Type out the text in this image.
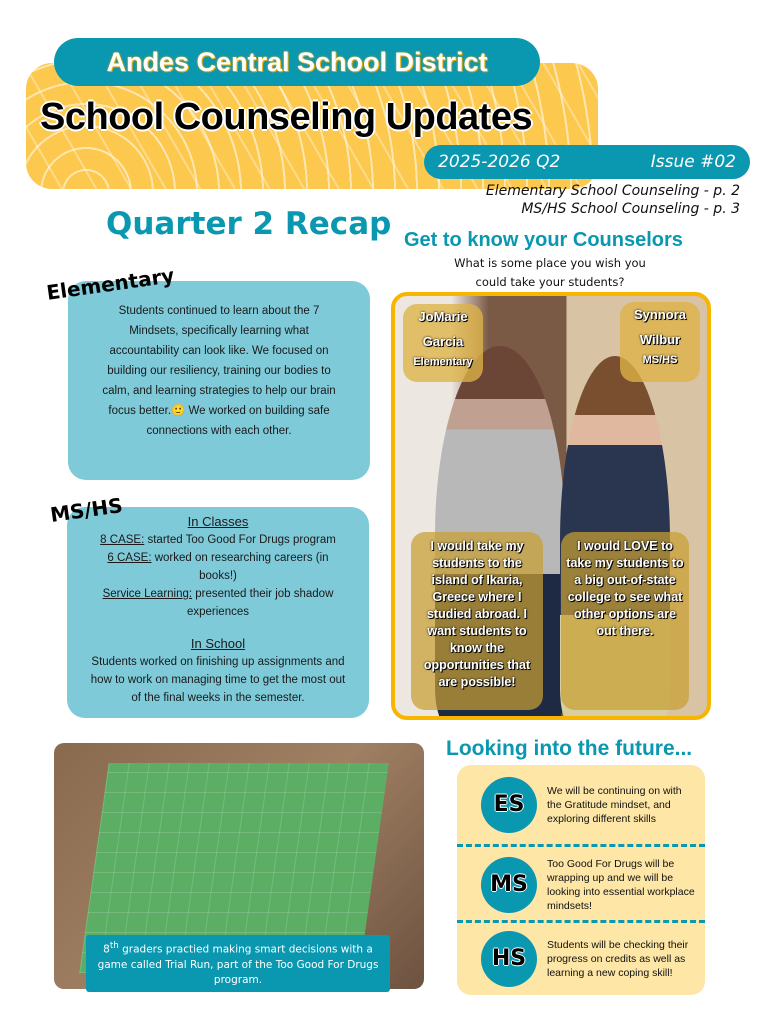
Andes Central School District
School Counseling Updates
2025-2026 Q2	Issue #02
Elementary School Counseling - p. 2
MS/HS School Counseling - p. 3
Quarter 2 Recap

Students continued to learn about the 7 Mindsets, specifically learning what accountability can look like. We focused on building our resiliency, training our bodies to calm, and learning strategies to help our brain focus better.🙂 We worked on building safe connections with each other.

Elementary
In Classes

8 CASE: started Too Good For Drugs program

6 CASE: worked on researching careers (in books!)

Service Learning: presented their job shadow experiences

In School

Students worked on finishing up assignments and how to work on managing time to get the most out of the final weeks in the semester.

MS/HS
Get to know your Counselors
What is some place you wish you could take your students?
JoMarie
Garcia
Elementary
Synnora
Wilbur
MS/HS
I would take my students to the island of Ikaria, Greece where I studied abroad. I want students to know the opportunities that are possible!
I would LOVE to take my students to a big out-of-state college to see what other options are out there.
8th graders practied making smart decisions with a game called Trial Run, part of the Too Good For Drugs program.
ES
We will be continuing on with the Gratitude mindset, and exploring different skills
MS
Too Good For Drugs will be wrapping up and we will be looking into essential workplace mindsets!
HS
Students will be checking their progress on credits as well as learning a new coping skill!
Looking into the future...
